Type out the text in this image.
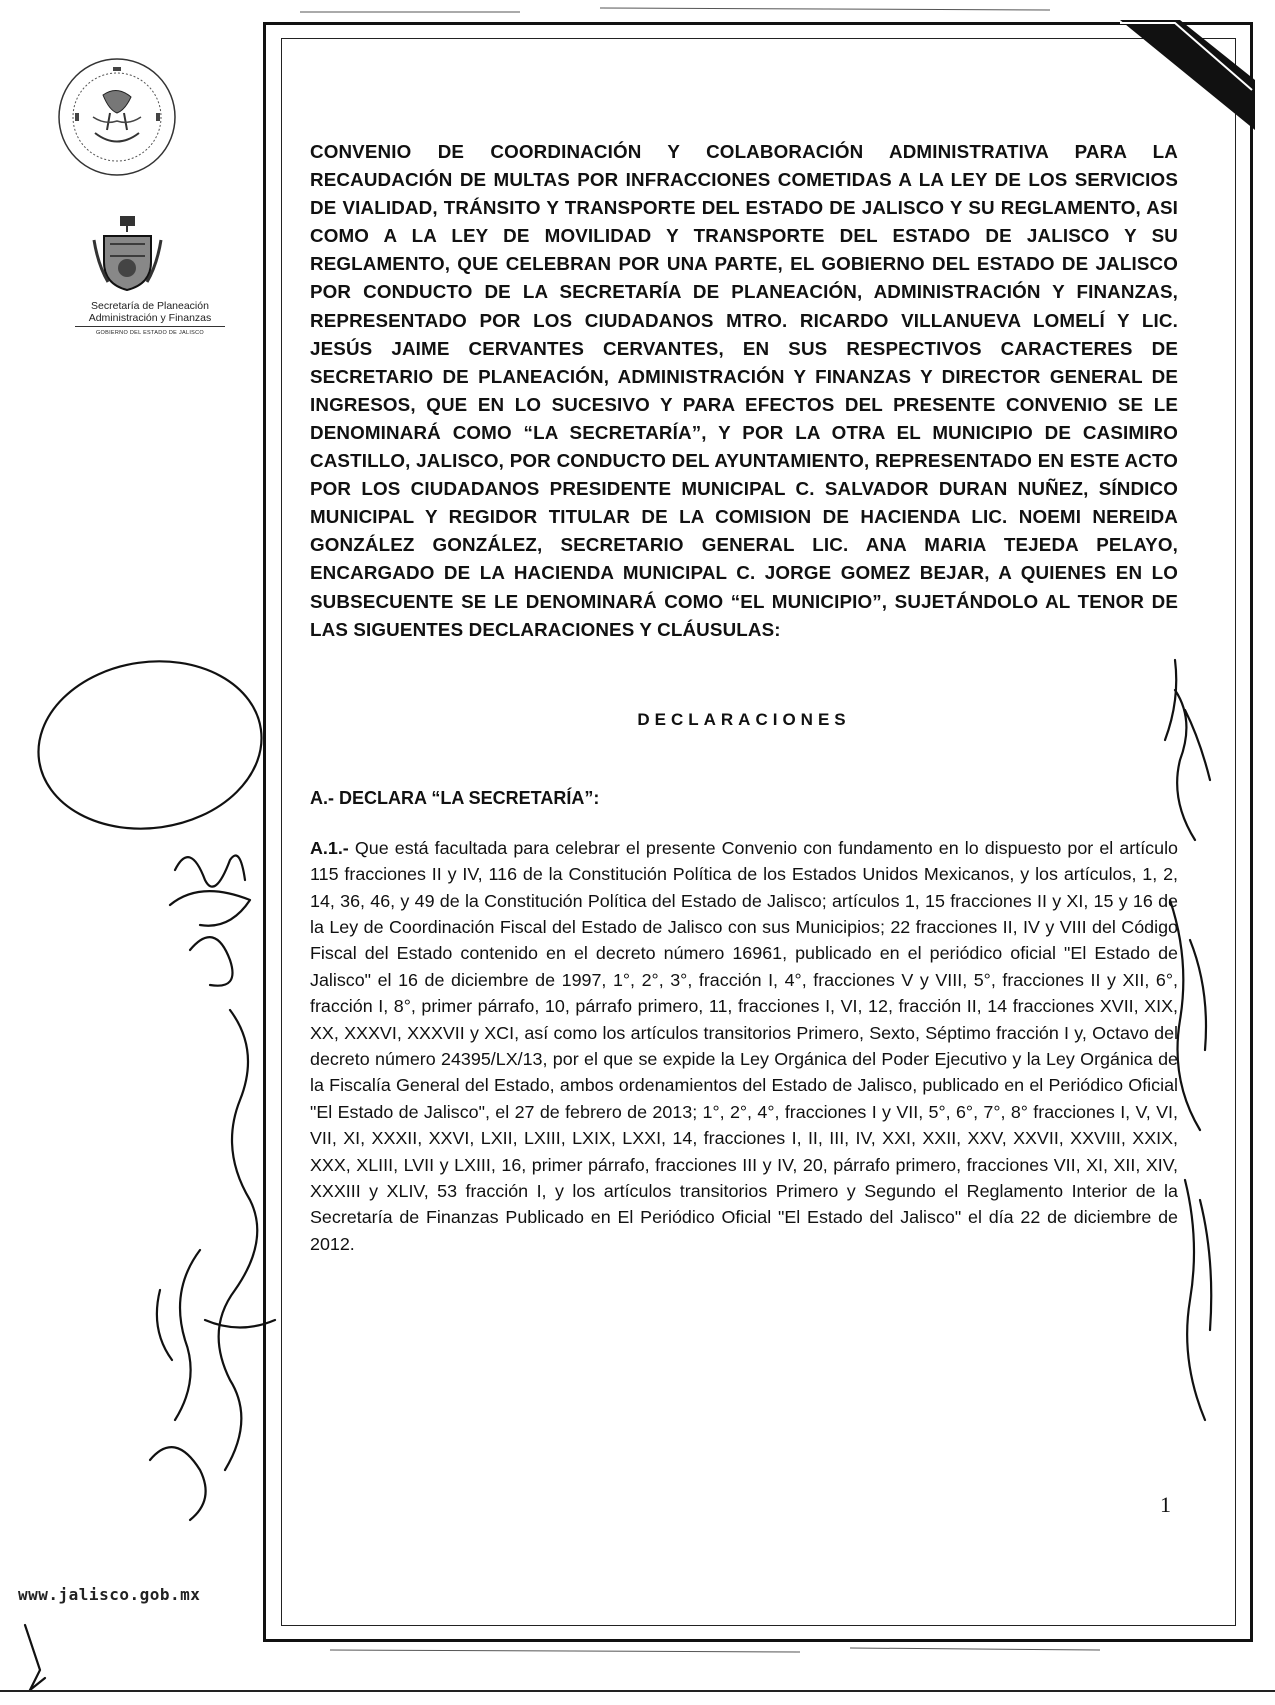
Secretaría de Planeación
Administración y Finanzas
GOBIERNO DEL ESTADO DE JALISCO
www.jalisco.gob.mx

CONVENIO DE COORDINACIÓN Y COLABORACIÓN ADMINISTRATIVA PARA LA RECAUDACIÓN DE MULTAS POR INFRACCIONES COMETIDAS A LA LEY DE LOS SERVICIOS DE VIALIDAD, TRÁNSITO Y TRANSPORTE DEL ESTADO DE JALISCO Y SU REGLAMENTO, ASI COMO A LA LEY DE MOVILIDAD Y TRANSPORTE DEL ESTADO DE JALISCO Y SU REGLAMENTO, QUE CELEBRAN POR UNA PARTE, EL GOBIERNO DEL ESTADO DE JALISCO POR CONDUCTO DE LA SECRETARÍA DE PLANEACIÓN, ADMINISTRACIÓN Y FINANZAS, REPRESENTADO POR LOS CIUDADANOS MTRO. RICARDO VILLANUEVA LOMELÍ Y LIC. JESÚS JAIME CERVANTES CERVANTES, EN SUS RESPECTIVOS CARACTERES DE SECRETARIO DE PLANEACIÓN, ADMINISTRACIÓN Y FINANZAS Y DIRECTOR GENERAL DE INGRESOS, QUE EN LO SUCESIVO Y PARA EFECTOS DEL PRESENTE CONVENIO SE LE DENOMINARÁ COMO “LA SECRETARÍA”, Y POR LA OTRA EL MUNICIPIO DE CASIMIRO CASTILLO, JALISCO, POR CONDUCTO DEL AYUNTAMIENTO, REPRESENTADO EN ESTE ACTO POR LOS CIUDADANOS PRESIDENTE MUNICIPAL C. SALVADOR DURAN NUÑEZ, SÍNDICO MUNICIPAL Y REGIDOR TITULAR DE LA COMISION DE HACIENDA LIC. NOEMI NEREIDA GONZÁLEZ GONZÁLEZ, SECRETARIO GENERAL LIC. ANA MARIA TEJEDA PELAYO, ENCARGADO DE LA HACIENDA MUNICIPAL C. JORGE GOMEZ BEJAR, A QUIENES EN LO SUBSECUENTE SE LE DENOMINARÁ COMO “EL MUNICIPIO”, SUJETÁNDOLO AL TENOR DE LAS SIGUENTES DECLARACIONES Y CLÁUSULAS:

DECLARACIONES
A.- DECLARA “LA SECRETARÍA”:

A.1.- Que está facultada para celebrar el presente Convenio con fundamento en lo dispuesto por el artículo 115 fracciones II y IV, 116 de la Constitución Política de los Estados Unidos Mexicanos, y los artículos, 1, 2, 14, 36, 46, y 49 de la Constitución Política del Estado de Jalisco; artículos 1, 15 fracciones II y XI, 15 y 16 de la Ley de Coordinación Fiscal del Estado de Jalisco con sus Municipios; 22 fracciones II, IV y VIII del Código Fiscal del Estado contenido en el decreto número 16961, publicado en el periódico oficial "El Estado de Jalisco" el 16 de diciembre de 1997, 1°, 2°, 3°, fracción I, 4°, fracciones V y VIII, 5°, fracciones II y XII, 6°, fracción I, 8°, primer párrafo, 10, párrafo primero, 11, fracciones I, VI, 12, fracción II, 14 fracciones XVII, XIX, XX, XXXVI, XXXVII y XCI, así como los artículos transitorios Primero, Sexto, Séptimo fracción I y, Octavo del decreto número 24395/LX/13, por el que se expide la Ley Orgánica del Poder Ejecutivo y la Ley Orgánica de la Fiscalía General del Estado, ambos ordenamientos del Estado de Jalisco, publicado en el Periódico Oficial "El Estado de Jalisco", el 27 de febrero de 2013; 1°, 2°, 4°, fracciones I y VII, 5°, 6°, 7°, 8° fracciones I, V, VI, VII, XI, XXXII, XXVI, LXII, LXIII, LXIX, LXXI, 14, fracciones I, II, III, IV, XXI, XXII, XXV, XXVII, XXVIII, XXIX, XXX, XLIII, LVII y LXIII, 16, primer párrafo, fracciones III y IV, 20, párrafo primero, fracciones VII, XI, XII, XIV, XXXIII y XLIV, 53 fracción I, y los artículos transitorios Primero y Segundo el Reglamento Interior de la Secretaría de Finanzas Publicado en El Periódico Oficial "El Estado del Jalisco" el día 22 de diciembre de 2012.

1
